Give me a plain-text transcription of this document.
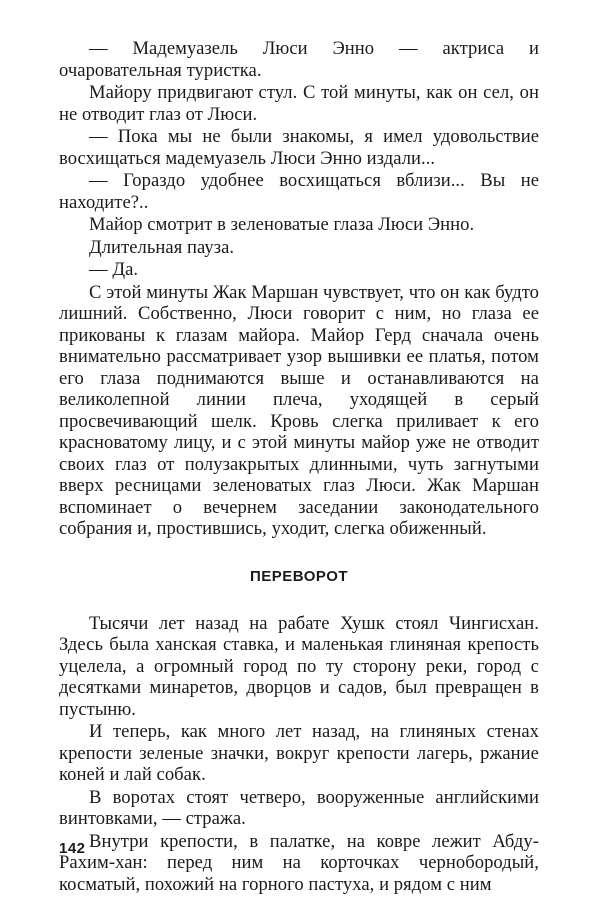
— Мадемуазель Люси Энно — актриса и очаровательная туристка.

Майору придвигают стул. С той минуты, как он сел, он не отводит глаз от Люси.

— Пока мы не были знакомы, я имел удовольствие восхищаться мадемуазель Люси Энно издали...

— Гораздо удобнее восхищаться вблизи... Вы не находите?..

Майор смотрит в зеленоватые глаза Люси Энно.

Длительная пауза.

— Да.

С этой минуты Жак Маршан чувствует, что он как будто лишний. Собственно, Люси говорит с ним, но глаза ее прикованы к глазам майора. Майор Герд сначала очень внимательно рассматривает узор вышивки ее платья, потом его глаза поднимаются выше и останавливаются на великолепной линии плеча, уходящей в серый просвечивающий шелк. Кровь слегка приливает к его красноватому лицу, и с этой минуты майор уже не отводит своих глаз от полузакрытых длинными, чуть загнутыми вверх ресницами зеленоватых глаз Люси. Жак Маршан вспоминает о вечернем заседании законодательного собрания и, простившись, уходит, слегка обиженный.

ПЕРЕВОРОТ

Тысячи лет назад на рабате Хушк стоял Чингисхан. Здесь была ханская ставка, и маленькая глиняная крепость уцелела, а огромный город по ту сторону реки, город с десятками минаретов, дворцов и садов, был превращен в пустыню.

И теперь, как много лет назад, на глиняных стенах крепости зеленые значки, вокруг крепости лагерь, ржание коней и лай собак.

В воротах стоят четверо, вооруженные английскими винтовками, — стража.

Внутри крепости, в палатке, на ковре лежит Абду-Рахим-хан: перед ним на корточках чернобородый, косматый, похожий на горного пастуха, и рядом с ним

142
